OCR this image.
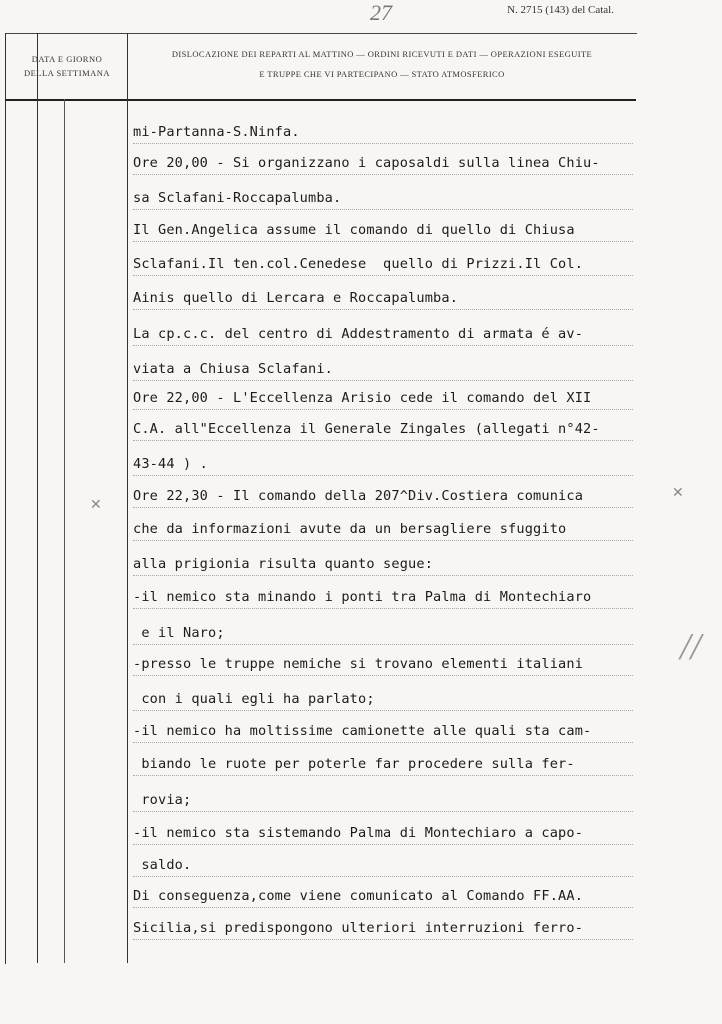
N. 2715 (143) del Catal.
27
DATA E GIORNO
DELLA SETTIMANA
DISLOCAZIONE DEI REPARTI AL MATTINO — ORDINI RICEVUTI E DATI — OPERAZIONI ESEGUITE
E TRUPPE CHE VI PARTECIPANO — STATO ATMOSFERICO
mi-Partanna-S.Ninfa.
Ore 20,00 - Si organizzano i caposaldi sulla linea Chiu-
sa Sclafani-Roccapalumba.
Il Gen.Angelica assume il comando di quello di Chiusa
Sclafani.Il ten.col.Cenedese  quello di Prizzi.Il Col.
Ainis quello di Lercara e Roccapalumba.
La cp.c.c. del centro di Addestramento di armata é av-
viata a Chiusa Sclafani.
Ore 22,00 - L'Eccellenza Arisio cede il comando del XII
C.A. all"Eccellenza il Generale Zingales (allegati n°42-
43-44 ) .
Ore 22,30 - Il comando della 207^Div.Costiera comunica
che da informazioni avute da un bersagliere sfuggito
alla prigionia risulta quanto segue:
-il nemico sta minando i ponti tra Palma di Montechiaro
e il Naro;
-presso le truppe nemiche si trovano elementi italiani
con i quali egli ha parlato;
-il nemico ha moltissime camionette alle quali sta cam-
biando le ruote per poterle far procedere sulla fer-
rovia;
-il nemico sta sistemando Palma di Montechiaro a capo-
saldo.
Di conseguenza,come viene comunicato al Comando FF.AA.
Sicilia,si predispongono ulteriori interruzioni ferro-
✕
✕
//
